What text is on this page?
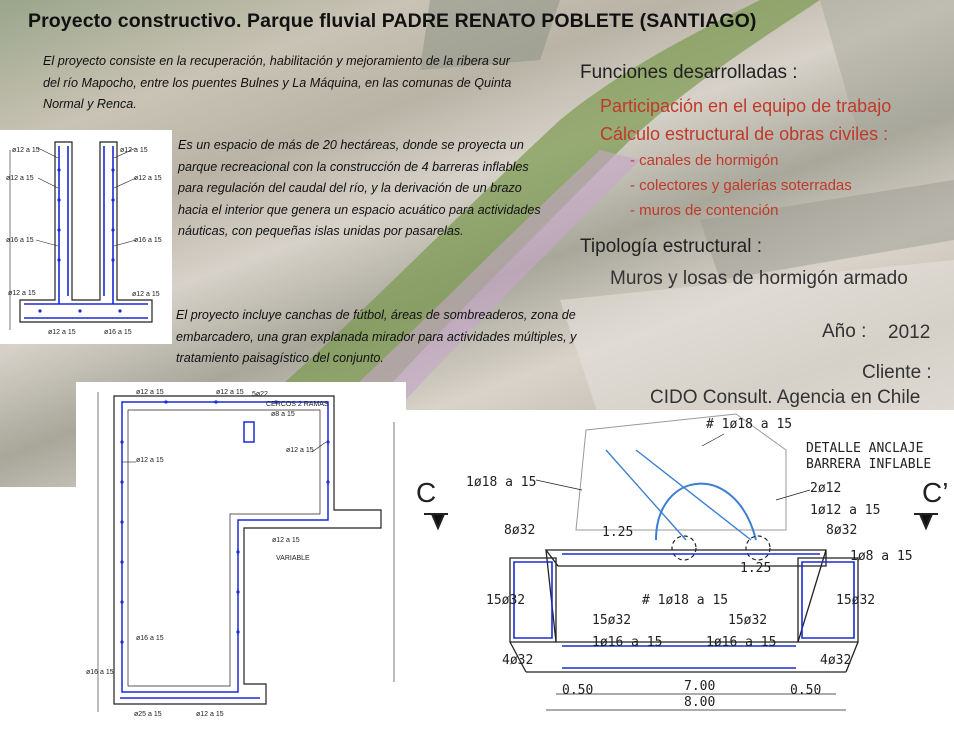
Proyecto constructivo. Parque fluvial PADRE RENATO POBLETE (SANTIAGO)
El proyecto consiste en la recuperación, habilitación y mejoramiento de la ribera sur del río Mapocho, entre los puentes Bulnes y La Máquina, en las comunas de Quinta Normal y Renca.
Es un espacio de más de 20 hectáreas, donde se proyecta un parque recreacional con la construcción de 4 barreras inflables para regulación del caudal del río, y la derivación de un brazo hacia el interior que genera un espacio acuático para actividades náuticas, con pequeñas islas unidas por pasarelas.
El proyecto incluye canchas de fútbol, áreas de sombreaderos, zona de embarcadero, una gran explanada mirador para actividades múltiples, y tratamiento paisagístico del conjunto.
Funciones desarrolladas :
Participación en el equipo de trabajo
Cálculo estructural de obras civiles :
- canales de hormigón
- colectores y galerías soterradas
- muros de contención
Tipología estructural :
Muros y losas de hormigón armado
Año : 2012
Cliente :
CIDO Consult. Agencia en Chile
ø12 a 15	ø12 a 15
ø12 a 15	ø12 a 15
ø16 a 15	ø16 a 15
ø12 a 15
ø12 a 15
ø16 a 15
ø12 a 15
ø12 a 15	ø12 a 15 5ø22
CERCOS 2 RAMAS
ø8 a 15
ø12 a 15
ø12 a 15
ø12 a 15
VARIABLE
ø16 a 15
ø16 a 15
ø25 a 15	ø12 a 15
C	C’
DETALLE ANCLAJE
BARRERA INFLABLE
# 1ø18 a 15
1ø18 a 15	2ø12
1ø12 a 15
8ø32	8ø32
1ø8 a 15
1.25
1.25
15ø32
15ø32	15ø32
15ø32
# 1ø18 a 15
1ø16 a 15	1ø16 a 15
4ø32	4ø32
7.00
8.00
0.50	0.50
